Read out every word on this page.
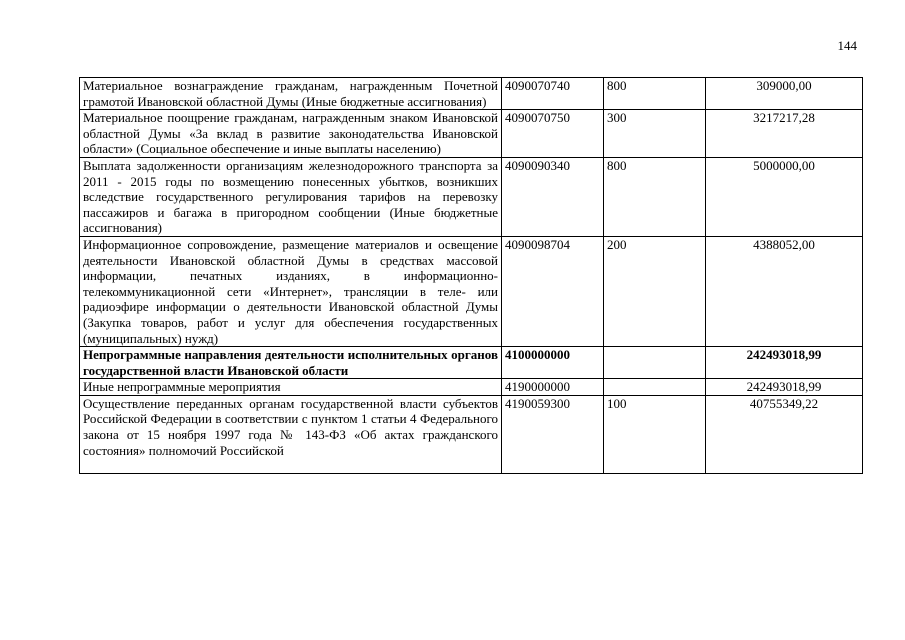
144
Материальное вознаграждение гражданам, награжденным Почетной грамотой Ивановской областной Думы (Иные бюджетные ассигнования)	4090070740	800	309000,00
Материальное поощрение гражданам, награжденным знаком Ивановской областной Думы «За вклад в развитие законодательства Ивановской области» (Социальное обеспечение и иные выплаты населению)	4090070750	300	3217217,28
Выплата задолженности организациям железнодорожного транспорта за 2011 - 2015 годы по возмещению понесенных убытков, возникших вследствие государственного регулирования тарифов на перевозку пассажиров и багажа в пригородном сообщении (Иные бюджетные ассигнования)	4090090340	800	5000000,00
Информационное сопровождение, размещение материалов и освещение деятельности Ивановской областной Думы в средствах массовой информации, печатных изданиях, в информационно-телекоммуникационной сети «Интернет», трансляции в теле- или радиоэфире информации о деятельности Ивановской областной Думы (Закупка товаров, работ и услуг для обеспечения государственных (муниципальных) нужд)	4090098704	200	4388052,00
Непрограммные направления деятельности исполнительных органов государственной власти Ивановской области	4100000000		242493018,99
Иные непрограммные мероприятия	4190000000		242493018,99

Осуществление переданных органам государственной власти субъектов Российской Федерации в соответствии с пунктом 1 статьи 4 Федерального закона от 15 ноября 1997 года № 143-ФЗ «Об актах гражданского состояния» полномочий Российской	4190059300	100	40755349,22
